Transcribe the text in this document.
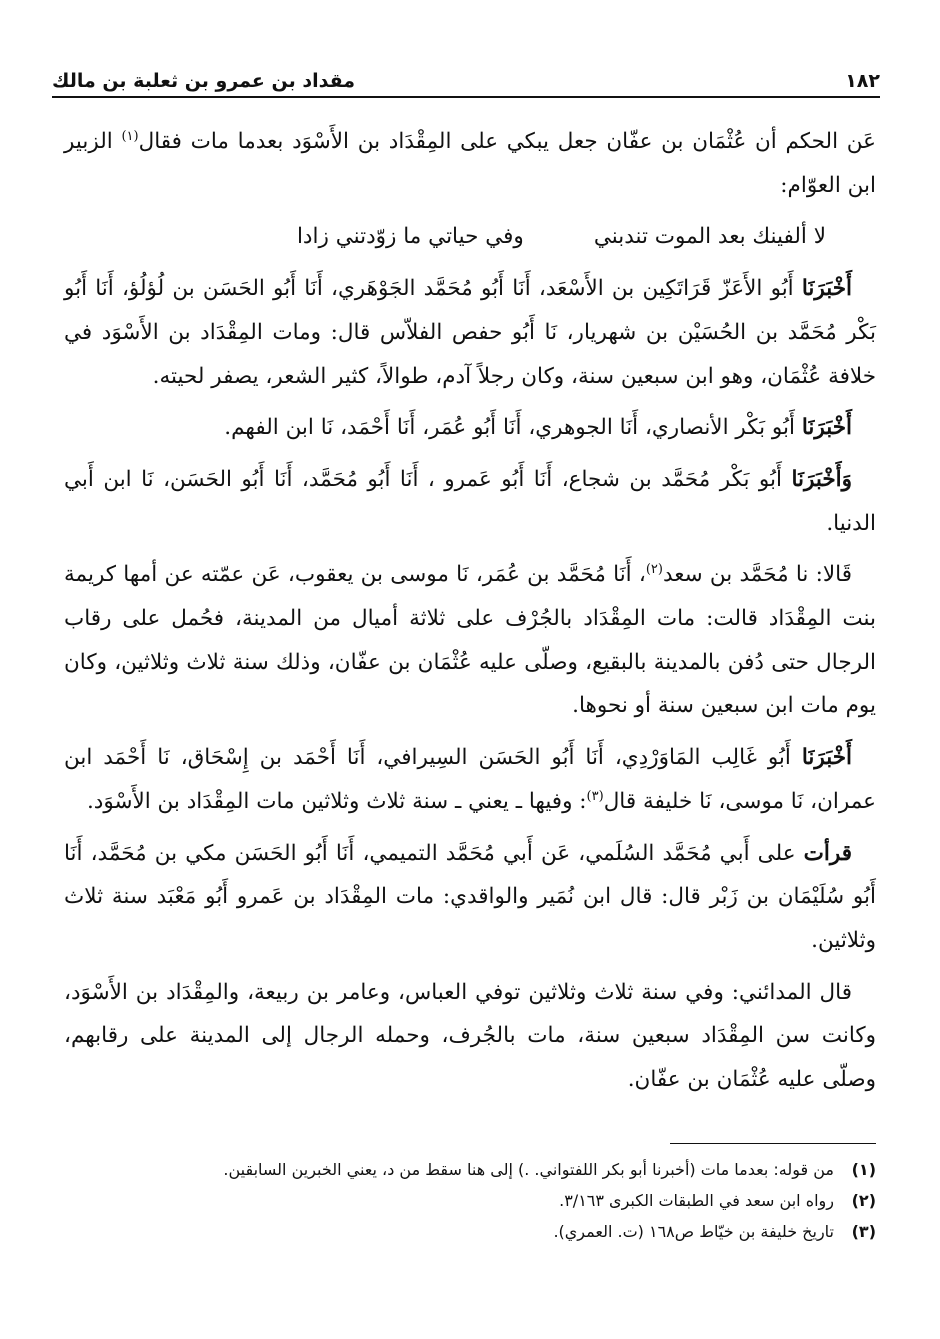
١٨٢
مقداد بن عمرو بن ثعلبة بن مالك

عَن الحكم أن عُثْمَان بن عفّان جعل يبكي على المِقْدَاد بن الأَسْوَد بعدما مات فقال$^{(١)}$ الزبير ابن العوّام:

لا ألفينك بعد الموت تندبني
وفي حياتي ما زوّدتني زادا

أَخْبَرَنَا أَبُو الأَعَزّ قَرَاتَكِين بن الأَسْعَد، أَنَا أَبُو مُحَمَّد الجَوْهَري، أَنَا أَبُو الحَسَن بن لُؤلُؤ، أَنَا أَبُو بَكْر مُحَمَّد بن الحُسَيْن بن شهريار، نَا أَبُو حفص الفلاّس قال: ومات المِقْدَاد بن الأَسْوَد في خلافة عُثْمَان، وهو ابن سبعين سنة، وكان رجلاً آدم، طوالاً، كثير الشعر، يصفر لحيته.

أَخْبَرَنَا أَبُو بَكْر الأنصاري، أَنَا الجوهري، أَنَا أَبُو عُمَر، أَنَا أَحْمَد، نَا ابن الفهم.

وَأَخْبَرَنَا أَبُو بَكْر مُحَمَّد بن شجاع، أَنَا أَبُو عَمرو ، أَنَا أَبُو مُحَمَّد، أَنَا أَبُو الحَسَن، نَا ابن أَبي الدنيا.

قَالا: نا مُحَمَّد بن سعد$^{(٢)}$، أَنَا مُحَمَّد بن عُمَر، نَا موسى بن يعقوب، عَن عمّته عن أمها كريمة بنت المِقْدَاد قالت: مات المِقْدَاد بالجُرْف على ثلاثة أميال من المدينة، فحُمل على رقاب الرجال حتى دُفن بالمدينة بالبقيع، وصلّى عليه عُثْمَان بن عفّان، وذلك سنة ثلاث وثلاثين، وكان يوم مات ابن سبعين سنة أو نحوها.

أَخْبَرَنَا أَبُو غَالِب المَاوَرْدِي، أَنَا أَبُو الحَسَن السِيرافي، أَنَا أَحْمَد بن إِسْحَاق، نَا أَحْمَد ابن عمران، نَا موسى، نَا خليفة قال$^{(٣)}$: وفيها ـ يعني ـ سنة ثلاث وثلاثين مات المِقْدَاد بن الأَسْوَد.

قرأت على أَبي مُحَمَّد السُلَمي، عَن أَبي مُحَمَّد التميمي، أَنَا أَبُو الحَسَن مكي بن مُحَمَّد، أَنَا أَبُو سُلَيْمَان بن زَبْر قال: قال ابن نُمَير والواقدي: مات المِقْدَاد بن عَمرو أَبُو مَعْبَد سنة ثلاث وثلاثين.

قال المدائني: وفي سنة ثلاث وثلاثين توفي العباس، وعامر بن ربيعة، والمِقْدَاد بن الأَسْوَد، وكانت سن المِقْدَاد سبعين سنة، مات بالجُرف، وحمله الرجال إلى المدينة على رقابهم، وصلّى عليه عُثْمَان بن عفّان.

(١)
من قوله: بعدما مات (أخبرنا أبو بكر اللفتواني. .) إلى هنا سقط من د، يعني الخبرين السابقين.

(٢)
رواه ابن سعد في الطبقات الكبرى ٣/١٦٣.

(٣)
تاريخ خليفة بن خيّاط ص١٦٨ (ت. العمري).
